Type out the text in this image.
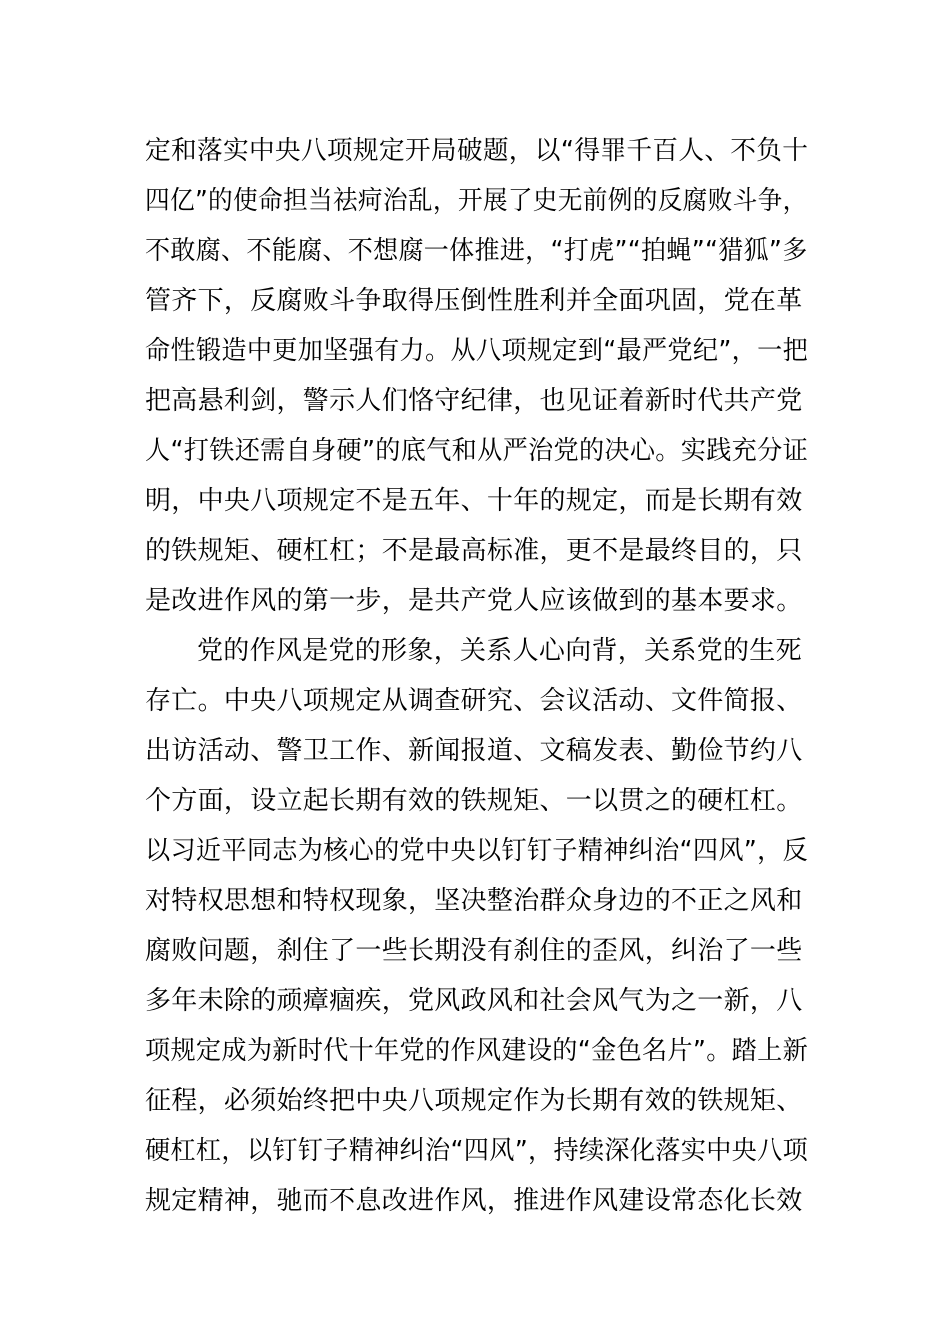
定和落实中央八项规定开局破题，以“得罪千百人、不负十
四亿”的使命担当祛疴治乱，开展了史无前例的反腐败斗争，
不敢腐、不能腐、不想腐一体推进，“打虎”“拍蝇”“猎狐”多
管齐下，反腐败斗争取得压倒性胜利并全面巩固，党在革
命性锻造中更加坚强有力。从八项规定到“最严党纪”，一把
把高悬利剑，警示人们恪守纪律，也见证着新时代共产党
人“打铁还需自身硬”的底气和从严治党的决心。实践充分证
明，中央八项规定不是五年、十年的规定，而是长期有效
的铁规矩、硬杠杠；不是最高标准，更不是最终目的，只
是改进作风的第一步，是共产党人应该做到的基本要求。
党的作风是党的形象，关系人心向背，关系党的生死
存亡。中央八项规定从调查研究、会议活动、文件简报、
出访活动、警卫工作、新闻报道、文稿发表、勤俭节约八
个方面，设立起长期有效的铁规矩、一以贯之的硬杠杠。
以习近平同志为核心的党中央以钉钉子精神纠治“四风”，反
对特权思想和特权现象，坚决整治群众身边的不正之风和
腐败问题，刹住了一些长期没有刹住的歪风，纠治了一些
多年未除的顽瘴痼疾，党风政风和社会风气为之一新，八
项规定成为新时代十年党的作风建设的“金色名片”。踏上新
征程，必须始终把中央八项规定作为长期有效的铁规矩、
硬杠杠，以钉钉子精神纠治“四风”，持续深化落实中央八项
规定精神，驰而不息改进作风，推进作风建设常态化长效
